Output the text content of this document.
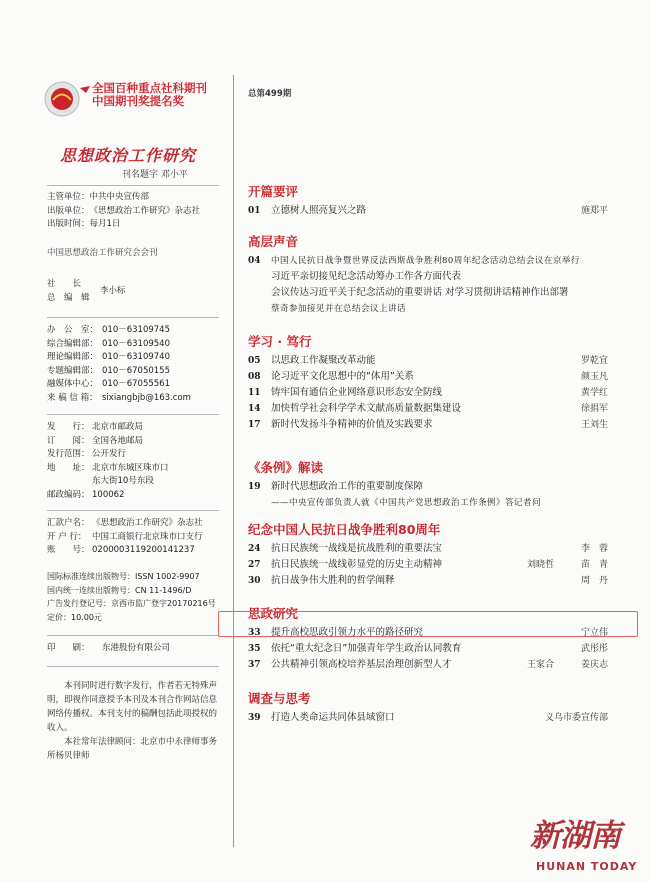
全国百种重点社科期刊
中国期刊奖提名奖
思想政治工作研究
刊名题字 邓小平
主管单位：中共中央宣传部
出版单位：《思想政治工作研究》杂志社
出版时间：每月1日
中国思想政治工作研究会会刊
社　　长
总　编　辑
李小标
办　公　室： 010－63109745
综合编辑部： 010－63109540
理论编辑部： 010－63109740
专题编辑部： 010－67050155
融媒体中心： 010－67055561
来 稿 信 箱： sixiangbjb@163.com
发　　行： 北京市邮政局
订　　阅： 全国各地邮局
发行范围： 公开发行
地　　址： 北京市东城区珠市口
东大街10号东段
邮政编码： 100062
汇款户名： 《思想政治工作研究》杂志社
开 户 行： 中国工商银行北京珠市口支行
账　　号： 0200003119200141237
国际标准连续出版物号：ISSN 1002-9907
国内统一连续出版物号：CN 11-1496/D
广告发行登记号：京西市监广登字20170216号
定价：10.00元
印　　刷： 东港股份有限公司

本刊同时进行数字发行，作者若无特殊声明，即视作同意授予本刊及本刊合作网站信息网络传播权。本刊支付的稿酬包括此项授权的收入。

本社常年法律顾问：北京市中永律师事务所杨贝律师

总第499期
开篇要评
01 立德树人照亮复兴之路	施郑平
高层声音
04 中国人民抗日战争暨世界反法西斯战争胜利80周年纪念活动总结会议在京举行
习近平亲切接见纪念活动筹办工作各方面代表
会议传达习近平关于纪念活动的重要讲话 对学习贯彻讲话精神作出部署
蔡奇参加接见并在总结会议上讲话
学习 · 笃行
05 以思政工作凝聚改革动能	罗乾宜
08 论习近平文化思想中的“体用”关系	颜玉凡
11 铸牢国有通信企业网络意识形态安全防线	黄学红
14 加快哲学社会科学学术文献高质量数据集建设	徐捐军
17 新时代发扬斗争精神的价值及实践要求	王刘生
《条例》解读
19 新时代思想政治工作的重要制度保障
——中央宣传部负责人就《中国共产党思想政治工作条例》答记者问
纪念中国人民抗日战争胜利80周年
24 抗日民族统一战线是抗战胜利的重要法宝	李　蓉
27 抗日民族统一战线彰显党的历史主动精神	刘晓哲	苗　青
30 抗日战争伟大胜利的哲学阐释	周　丹
思政研究
33 提升高校思政引领力水平的路径研究	宁立伟
35 依托“重大纪念日”加强青年学生政治认同教育	武彤彤
37 公共精神引领高校培养基层治理创新型人才	王家合	姜庆志
调查与思考
39 打造人类命运共同体县域窗口	义乌市委宣传部
新湖南
HUNAN TODAY
